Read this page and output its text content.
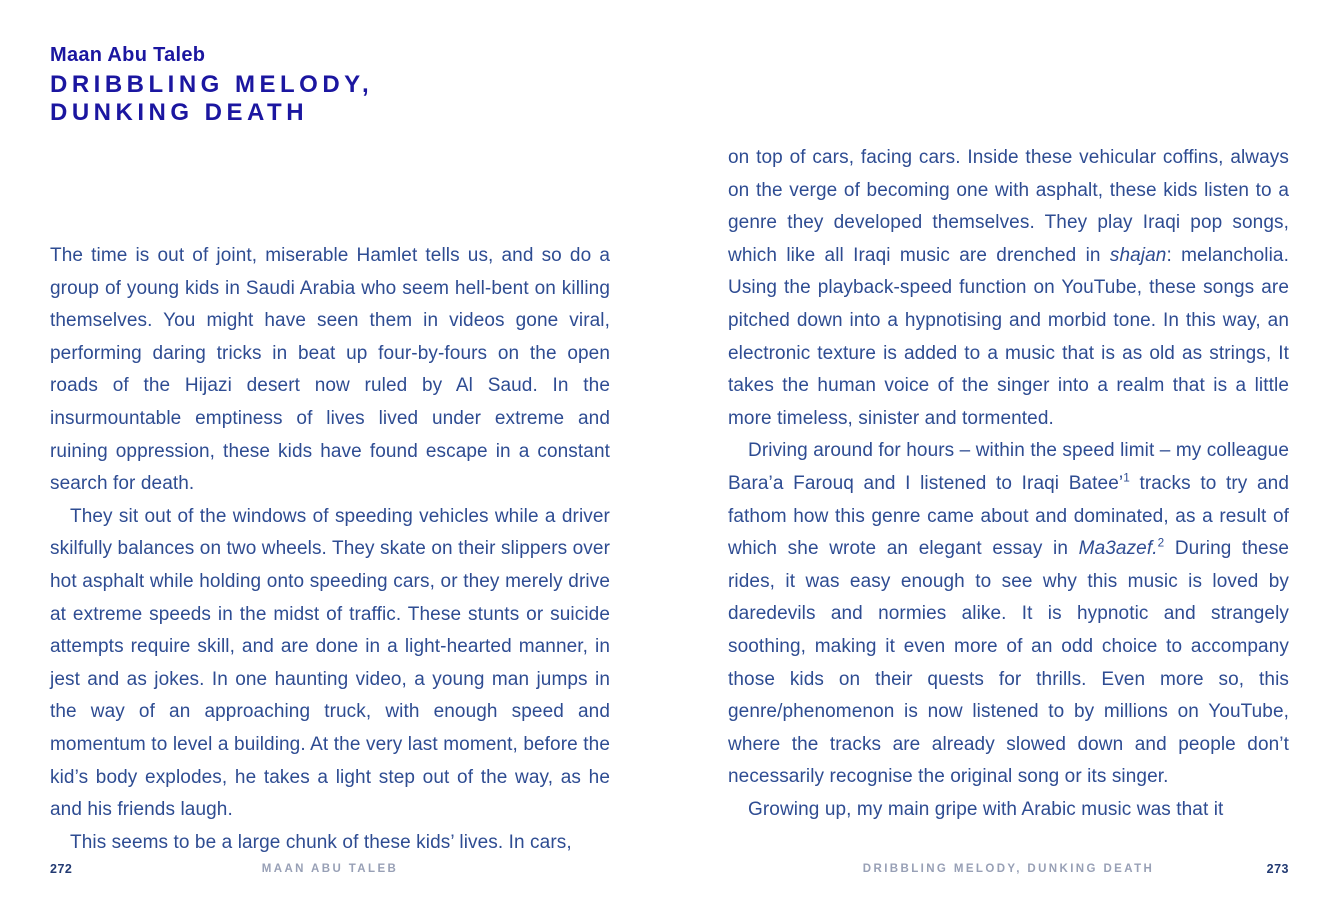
Maan Abu Taleb

DRIBBLING MELODY,
DUNKING DEATH

The time is out of joint, miserable Hamlet tells us, and so do a group of young kids in Saudi Arabia who seem hell-bent on killing themselves. You might have seen them in videos gone viral, performing daring tricks in beat up four-by-fours on the open roads of the Hijazi desert now ruled by Al Saud. In the insurmountable emptiness of lives lived under extreme and ruining oppression, these kids have found escape in a constant search for death.

They sit out of the windows of speeding vehicles while a driver skilfully balances on two wheels. They skate on their slippers over hot asphalt while holding onto speeding cars, or they merely drive at extreme speeds in the midst of traffic. These stunts or suicide attempts require skill, and are done in a light-hearted manner, in jest and as jokes. In one haunting video, a young man jumps in the way of an approaching truck, with enough speed and momentum to level a building. At the very last moment, before the kid’s body explodes, he takes a light step out of the way, as he and his friends laugh.

This seems to be a large chunk of these kids’ lives. In cars,

on top of cars, facing cars. Inside these vehicular coffins, always on the verge of becoming one with asphalt, these kids listen to a genre they developed themselves. They play Iraqi pop songs, which like all Iraqi music are drenched in shajan: melancholia. Using the playback-speed function on YouTube, these songs are pitched down into a hypnotising and morbid tone. In this way, an electronic texture is added to a music that is as old as strings, It takes the human voice of the singer into a realm that is a little more timeless, sinister and tormented.

Driving around for hours – within the speed limit – my colleague Bara’a Farouq and I listened to Iraqi Batee’$^1$ tracks to try and fathom how this genre came about and dominated, as a result of which she wrote an elegant essay in Ma3azef.$^2$ During these rides, it was easy enough to see why this music is loved by daredevils and normies alike. It is hypnotic and strangely soothing, making it even more of an odd choice to accompany those kids on their quests for thrills. Even more so, this genre/phenomenon is now listened to by millions on YouTube, where the tracks are already slowed down and people don’t necessarily recognise the original song or its singer.

Growing up, my main gripe with Arabic music was that it

272	MAAN ABU TALEB	DRIBBLING MELODY, DUNKING DEATH	273
